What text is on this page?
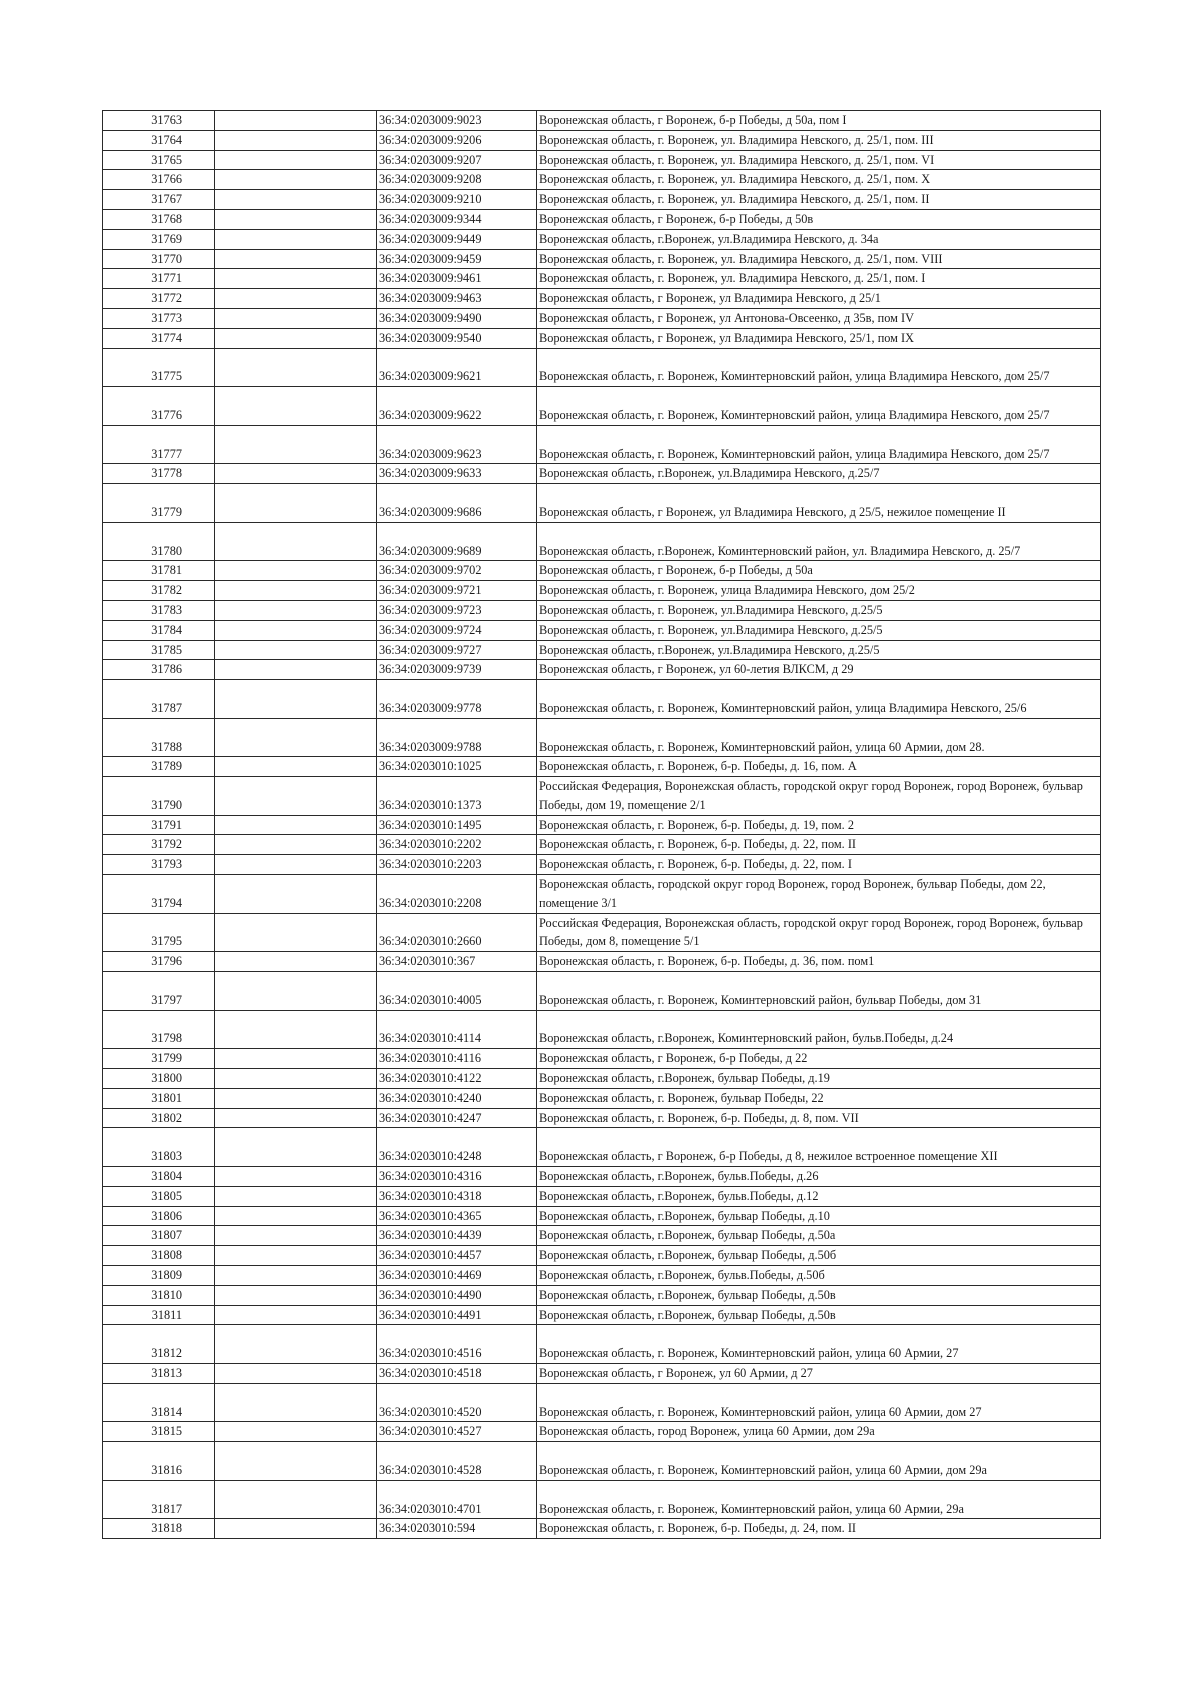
31763		36:34:0203009:9023	Воронежская область, г Воронеж, б-р Победы, д 50а, пом I
31764		36:34:0203009:9206	Воронежская область, г. Воронеж, ул. Владимира Невского, д. 25/1, пом. III
31765		36:34:0203009:9207	Воронежская область, г. Воронеж, ул. Владимира Невского, д. 25/1, пом. VI
31766		36:34:0203009:9208	Воронежская область, г. Воронеж, ул. Владимира Невского, д. 25/1, пом. X
31767		36:34:0203009:9210	Воронежская область, г. Воронеж, ул. Владимира Невского, д. 25/1, пом. II
31768		36:34:0203009:9344	Воронежская область, г Воронеж, б-р Победы, д 50в
31769		36:34:0203009:9449	Воронежская область, г.Воронеж, ул.Владимира Невского, д. 34а
31770		36:34:0203009:9459	Воронежская область, г. Воронеж, ул. Владимира Невского, д. 25/1, пом. VIII
31771		36:34:0203009:9461	Воронежская область, г. Воронеж, ул. Владимира Невского, д. 25/1, пом. I
31772		36:34:0203009:9463	Воронежская область, г Воронеж, ул Владимира Невского, д 25/1
31773		36:34:0203009:9490	Воронежская область, г Воронеж, ул Антонова-Овсеенко, д 35в, пом IV
31774		36:34:0203009:9540	Воронежская область, г Воронеж, ул Владимира Невского, 25/1, пом IX
31775		36:34:0203009:9621	Воронежская область, г. Воронеж, Коминтерновский район, улица Владимира Невского, дом 25/7
31776		36:34:0203009:9622	Воронежская область, г. Воронеж, Коминтерновский район, улица Владимира Невского, дом 25/7
31777		36:34:0203009:9623	Воронежская область, г. Воронеж, Коминтерновский район, улица Владимира Невского, дом 25/7
31778		36:34:0203009:9633	Воронежская область, г.Воронеж, ул.Владимира Невского, д.25/7
31779		36:34:0203009:9686	Воронежская область, г Воронеж, ул Владимира Невского, д 25/5, нежилое помещение II
31780		36:34:0203009:9689	Воронежская область, г.Воронеж, Коминтерновский район, ул. Владимира Невского, д. 25/7
31781		36:34:0203009:9702	Воронежская область, г Воронеж, б-р Победы, д 50а
31782		36:34:0203009:9721	Воронежская область, г. Воронеж, улица Владимира Невского, дом 25/2
31783		36:34:0203009:9723	Воронежская область, г. Воронеж, ул.Владимира Невского, д.25/5
31784		36:34:0203009:9724	Воронежская область, г. Воронеж, ул.Владимира Невского, д.25/5
31785		36:34:0203009:9727	Воронежская область, г.Воронеж, ул.Владимира Невского, д.25/5
31786		36:34:0203009:9739	Воронежская область, г Воронеж, ул 60-летия ВЛКСМ, д 29
31787		36:34:0203009:9778	Воронежская область, г. Воронеж, Коминтерновский район, улица Владимира Невского, 25/6
31788		36:34:0203009:9788	Воронежская область, г. Воронеж, Коминтерновский район, улица 60 Армии, дом 28.
31789		36:34:0203010:1025	Воронежская область, г. Воронеж, б-р. Победы, д. 16, пом. А
31790		36:34:0203010:1373	Российская Федерация, Воронежская область, городской округ город Воронеж, город Воронеж, бульвар Победы, дом 19, помещение 2/1
31791		36:34:0203010:1495	Воронежская область, г. Воронеж, б-р. Победы, д. 19, пом. 2
31792		36:34:0203010:2202	Воронежская область, г. Воронеж, б-р. Победы, д. 22, пом. II
31793		36:34:0203010:2203	Воронежская область, г. Воронеж, б-р. Победы, д. 22, пом. I
31794		36:34:0203010:2208	Воронежская область, городской округ город Воронеж, город Воронеж, бульвар Победы, дом 22, помещение 3/1
31795		36:34:0203010:2660	Российская Федерация, Воронежская область, городской округ город Воронеж, город Воронеж, бульвар Победы, дом 8, помещение 5/1
31796		36:34:0203010:367	Воронежская область, г. Воронеж, б-р. Победы, д. 36, пом. пом1
31797		36:34:0203010:4005	Воронежская область, г. Воронеж, Коминтерновский район, бульвар Победы, дом 31
31798		36:34:0203010:4114	Воронежская область, г.Воронеж, Коминтерновский район, бульв.Победы, д.24
31799		36:34:0203010:4116	Воронежская область, г Воронеж, б-р Победы, д 22
31800		36:34:0203010:4122	Воронежская область, г.Воронеж, бульвар Победы, д.19
31801		36:34:0203010:4240	Воронежская область, г. Воронеж, бульвар Победы, 22
31802		36:34:0203010:4247	Воронежская область, г. Воронеж, б-р. Победы, д. 8, пом. VII
31803		36:34:0203010:4248	Воронежская область, г Воронеж, б-р Победы, д 8, нежилое встроенное помещение XII
31804		36:34:0203010:4316	Воронежская область, г.Воронеж, бульв.Победы, д.26
31805		36:34:0203010:4318	Воронежская область, г.Воронеж, бульв.Победы, д.12
31806		36:34:0203010:4365	Воронежская область, г.Воронеж, бульвар Победы, д.10
31807		36:34:0203010:4439	Воронежская область, г.Воронеж, бульвар Победы, д.50а
31808		36:34:0203010:4457	Воронежская область, г.Воронеж, бульвар Победы, д.50б
31809		36:34:0203010:4469	Воронежская область, г.Воронеж, бульв.Победы, д.50б
31810		36:34:0203010:4490	Воронежская область, г.Воронеж, бульвар Победы, д.50в
31811		36:34:0203010:4491	Воронежская область, г.Воронеж, бульвар Победы, д.50в
31812		36:34:0203010:4516	Воронежская область, г. Воронеж, Коминтерновский район, улица 60 Армии, 27
31813		36:34:0203010:4518	Воронежская область, г Воронеж, ул 60 Армии, д 27
31814		36:34:0203010:4520	Воронежская область, г. Воронеж, Коминтерновский район, улица 60 Армии, дом 27
31815		36:34:0203010:4527	Воронежская область, город Воронеж, улица 60 Армии, дом 29а
31816		36:34:0203010:4528	Воронежская область, г. Воронеж, Коминтерновский район, улица 60 Армии, дом 29а
31817		36:34:0203010:4701	Воронежская область, г. Воронеж, Коминтерновский район, улица 60 Армии, 29а
31818		36:34:0203010:594	Воронежская область, г. Воронеж, б-р. Победы, д. 24, пом. II
